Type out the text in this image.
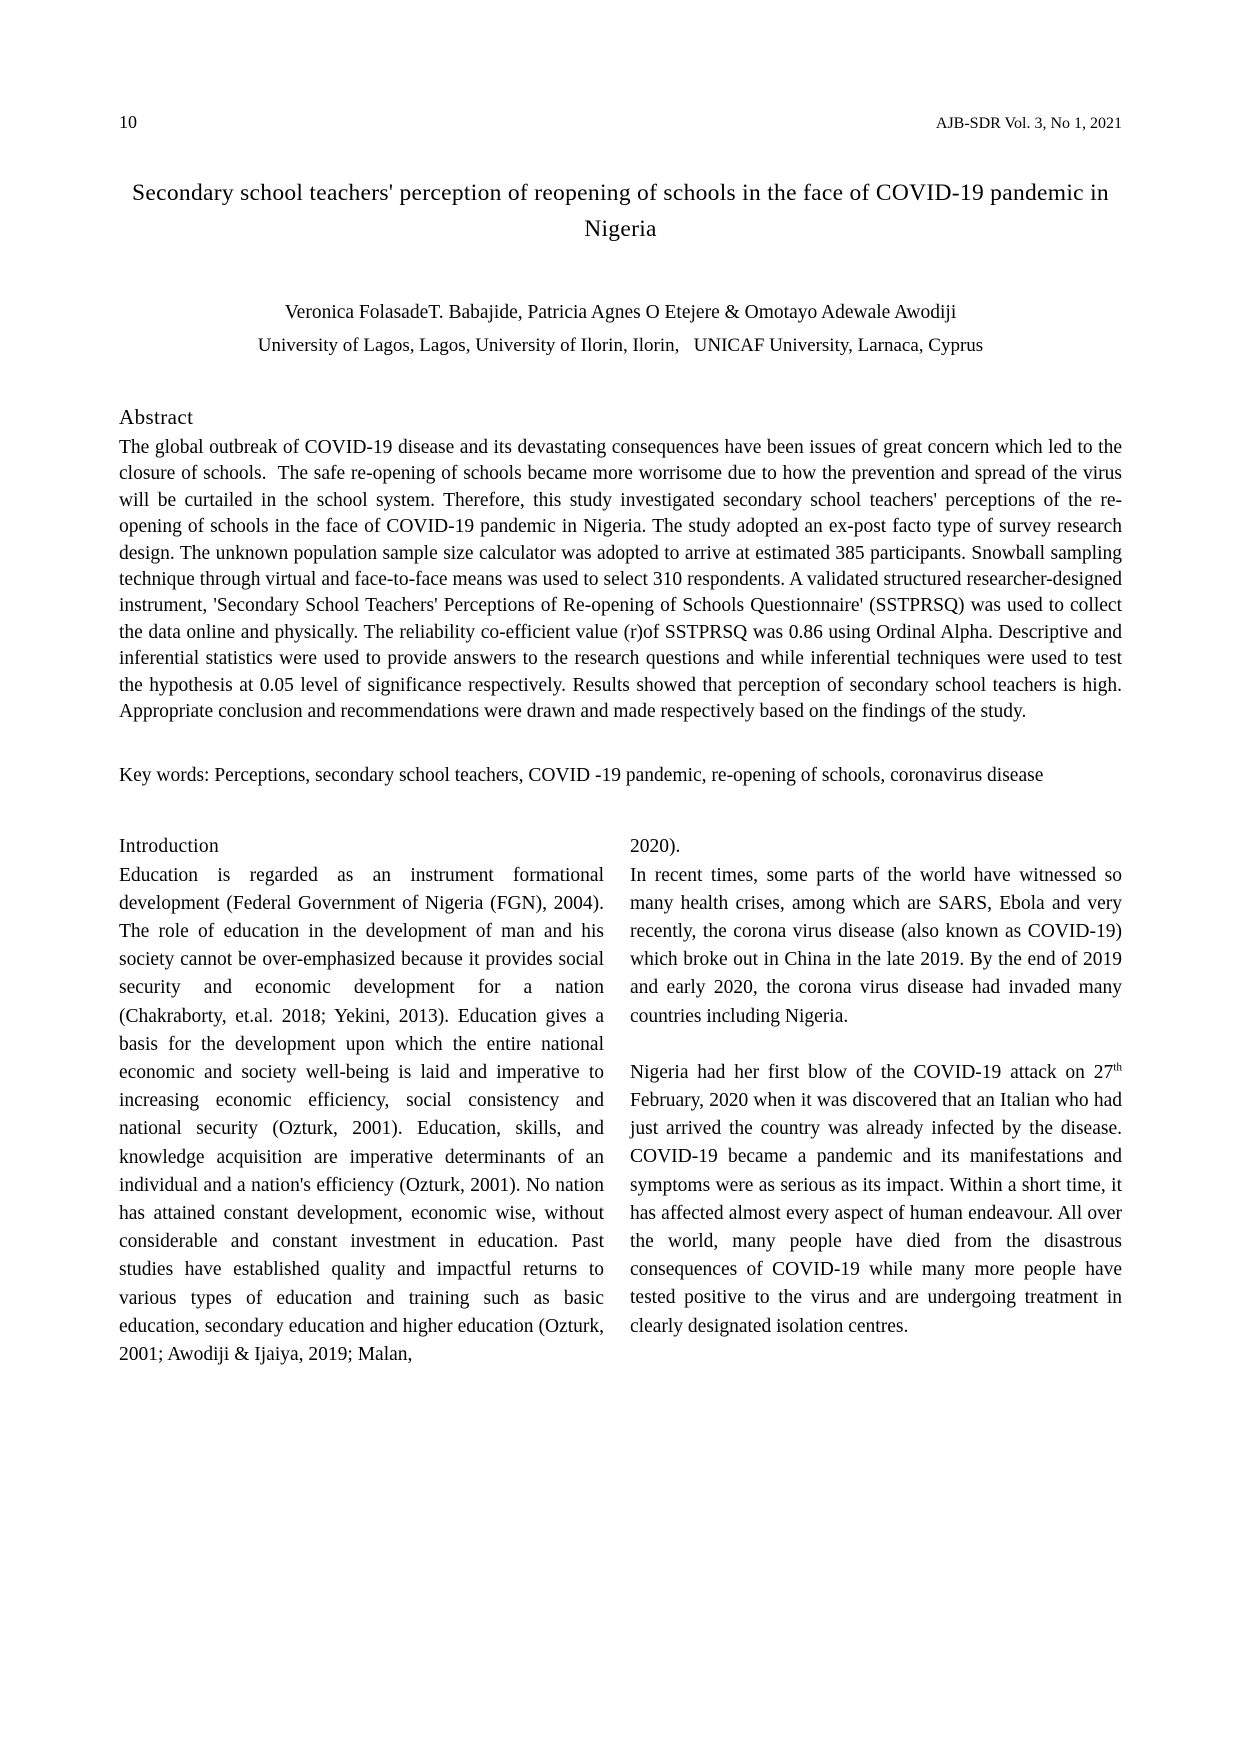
10	AJB-SDR Vol. 3, No 1, 2021
Secondary school teachers' perception of reopening of schools in the face of COVID-19 pandemic in Nigeria
Veronica FolasadeT. Babajide, Patricia Agnes O Etejere & Omotayo Adewale Awodiji
University of Lagos, Lagos, University of Ilorin, Ilorin,   UNICAF University, Larnaca, Cyprus
Abstract

The global outbreak of COVID-19 disease and its devastating consequences have been issues of great concern which led to the closure of schools.  The safe re-opening of schools became more worrisome due to how the prevention and spread of the virus will be curtailed in the school system. Therefore, this study investigated secondary school teachers' perceptions of the re-opening of schools in the face of COVID-19 pandemic in Nigeria. The study adopted an ex-post facto type of survey research design. The unknown population sample size calculator was adopted to arrive at estimated 385 participants. Snowball sampling technique through virtual and face-to-face means was used to select 310 respondents. A validated structured researcher-designed instrument, 'Secondary School Teachers' Perceptions of Re-opening of Schools Questionnaire' (SSTPRSQ) was used to collect the data online and physically. The reliability co-efficient value (r)of SSTPRSQ was 0.86 using Ordinal Alpha. Descriptive and inferential statistics were used to provide answers to the research questions and while inferential techniques were used to test the hypothesis at 0.05 level of significance respectively. Results showed that perception of secondary school teachers is high. Appropriate conclusion and recommendations were drawn and made respectively based on the findings of the study.

Key words: Perceptions, secondary school teachers, COVID -19 pandemic, re-opening of schools, coronavirus disease

Introduction

Education is regarded as an instrument formational development (Federal Government of Nigeria (FGN), 2004). The role of education in the development of man and his society cannot be over-emphasized because it provides social security and economic development for a nation (Chakraborty, et.al. 2018; Yekini, 2013). Education gives a basis for the development upon which the entire national economic and society well-being is laid and imperative to increasing economic efficiency, social consistency and national security (Ozturk, 2001). Education, skills, and knowledge acquisition are imperative determinants of an individual and a nation's efficiency (Ozturk, 2001). No nation has attained constant development, economic wise, without considerable and constant investment in education. Past studies have established quality and impactful returns to various types of education and training such as basic education, secondary education and higher education (Ozturk, 2001; Awodiji & Ijaiya, 2019; Malan,

2020).

In recent times, some parts of the world have witnessed so many health crises, among which are SARS, Ebola and very recently, the corona virus disease (also known as COVID-19) which broke out in China in the late 2019. By the end of 2019 and early 2020, the corona virus disease had invaded many countries including Nigeria.

Nigeria had her first blow of the COVID-19 attack on 27th February, 2020 when it was discovered that an Italian who had just arrived the country was already infected by the disease. COVID-19 became a pandemic and its manifestations and symptoms were as serious as its impact. Within a short time, it has affected almost every aspect of human endeavour. All over the world, many people have died from the disastrous consequences of COVID-19 while many more people have tested positive to the virus and are undergoing treatment in clearly designated isolation centres.
